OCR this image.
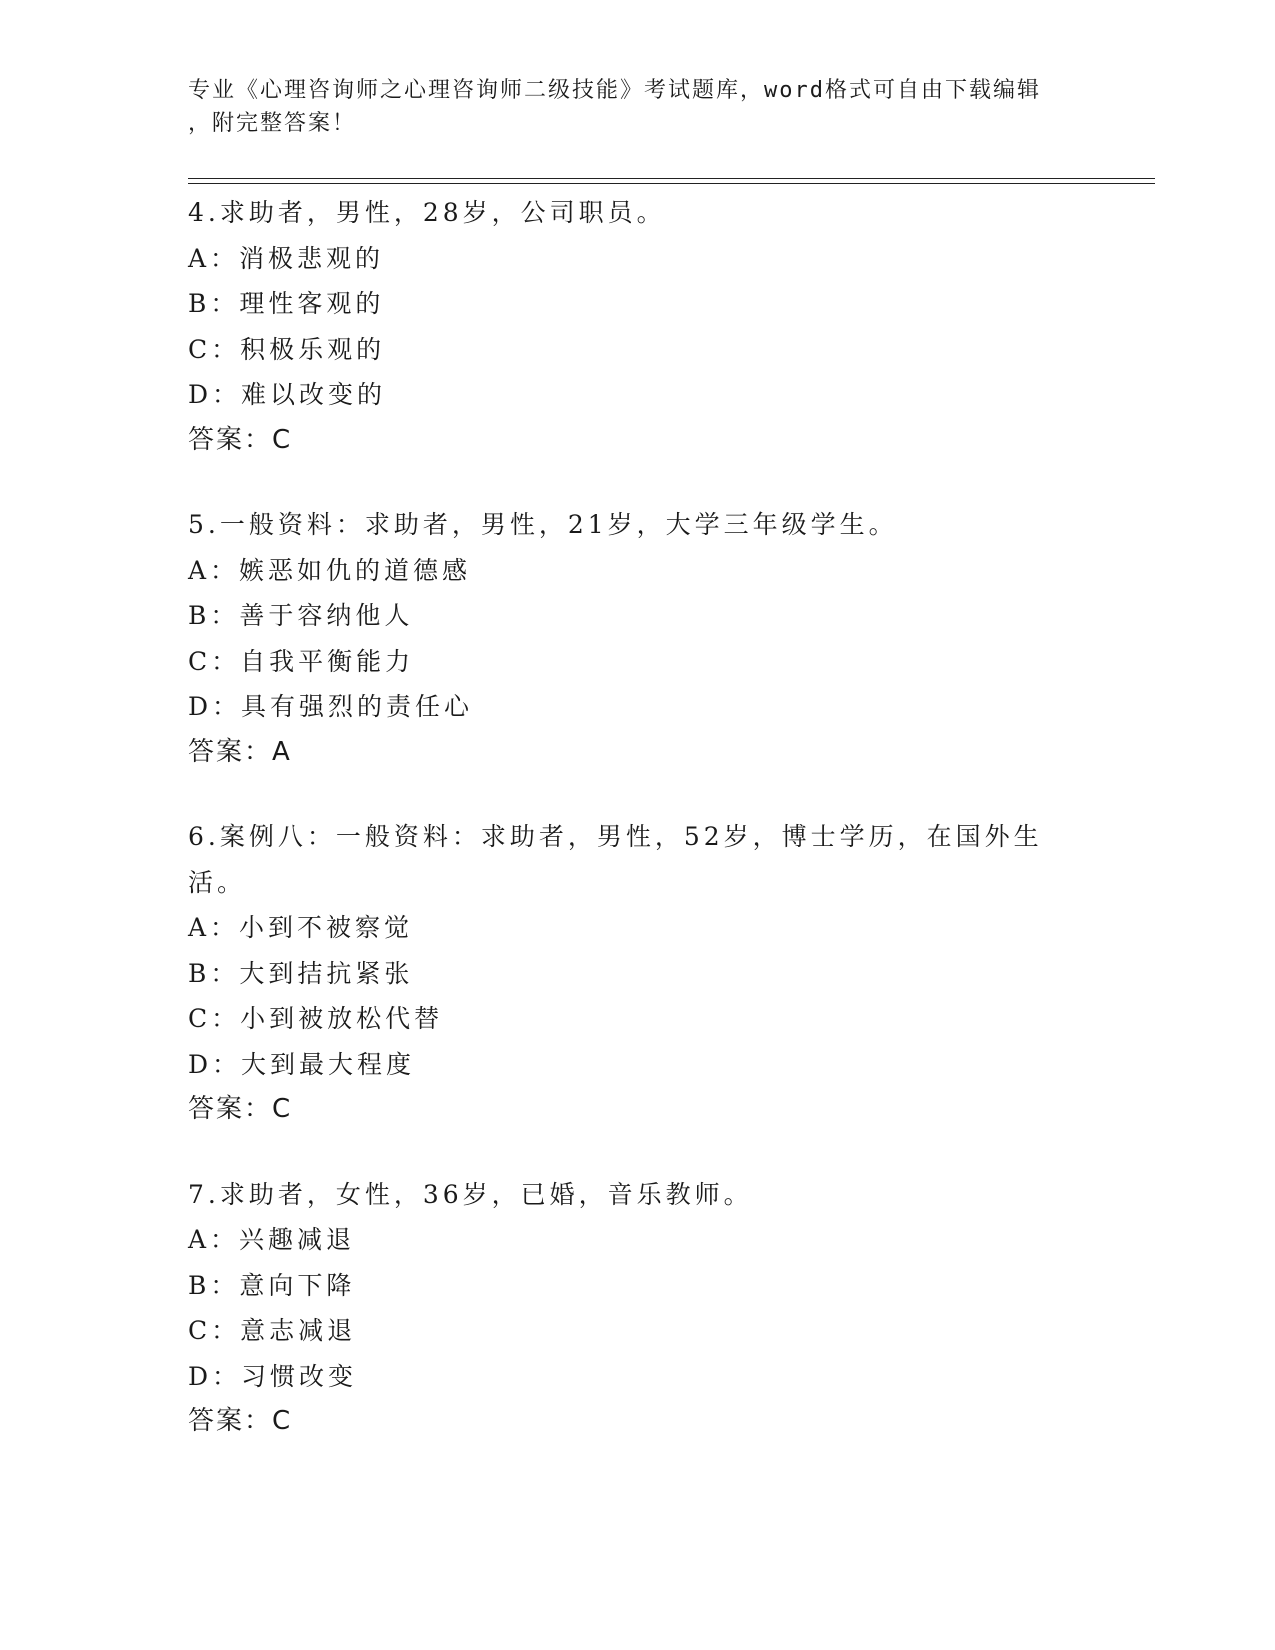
专业《心理咨询师之心理咨询师二级技能》考试题库，word格式可自由下载编辑
，附完整答案！
4.求助者，男性，28岁，公司职员。
A：消极悲观的
B：理性客观的
C：积极乐观的
D：难以改变的
答案：C
5.一般资料：求助者，男性，21岁，大学三年级学生。
A：嫉恶如仇的道德感
B：善于容纳他人
C：自我平衡能力
D：具有强烈的责任心
答案：A
6.案例八：一般资料：求助者，男性，52岁，博士学历，在国外生活。
A：小到不被察觉
B：大到拮抗紧张
C：小到被放松代替
D：大到最大程度
答案：C
7.求助者，女性，36岁，已婚，音乐教师。
A：兴趣减退
B：意向下降
C：意志减退
D：习惯改变
答案：C
